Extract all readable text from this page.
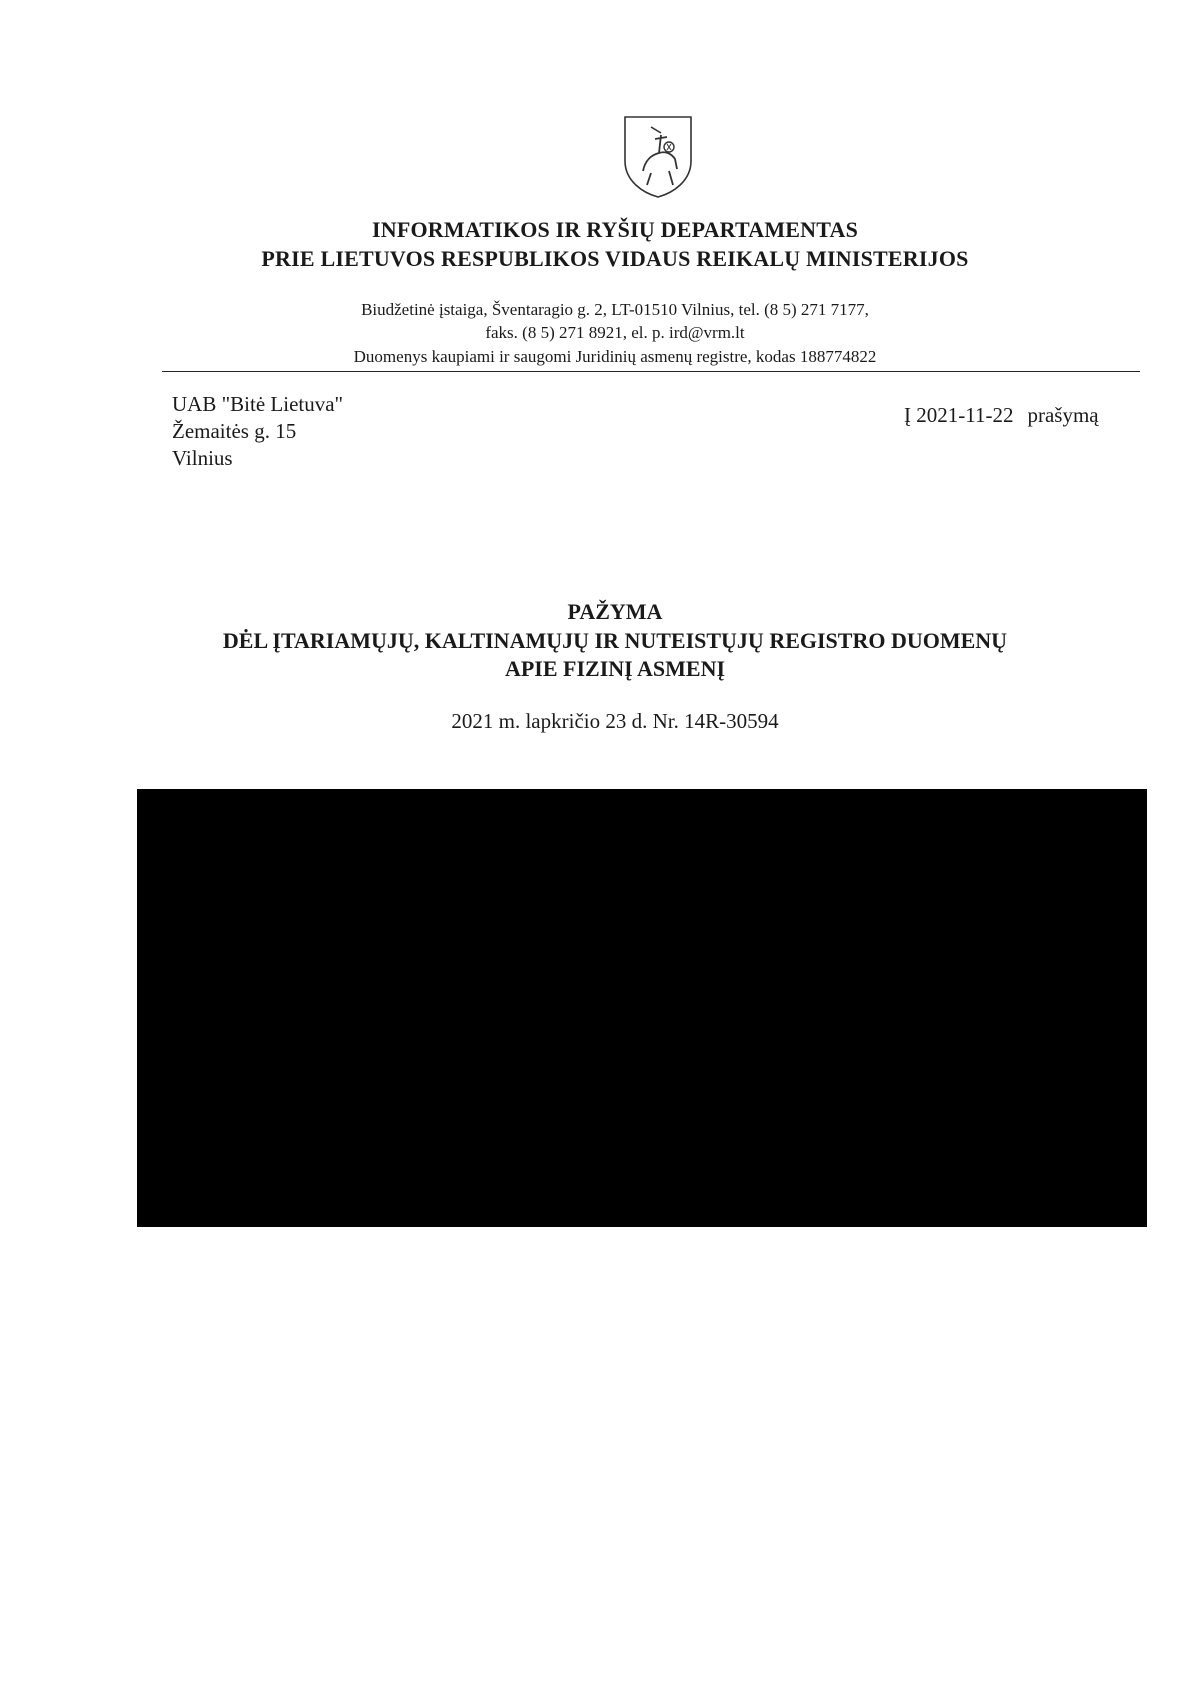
INFORMATIKOS IR RYŠIŲ DEPARTAMENTAS
PRIE LIETUVOS RESPUBLIKOS VIDAUS REIKALŲ MINISTERIJOS
Biudžetinė įstaiga, Šventaragio g. 2, LT-01510 Vilnius, tel. (8 5) 271 7177,
faks. (8 5) 271 8921, el. p. ird@vrm.lt
Duomenys kaupiami ir saugomi Juridinių asmenų registre, kodas 188774822
UAB "Bitė Lietuva"
Žemaitės g. 15
Vilnius
Į 2021-11-22 prašymą
PAŽYMA
DĖL ĮTARIAMŲJŲ, KALTINAMŲJŲ IR NUTEISTŲJŲ REGISTRO DUOMENŲ
APIE FIZINĮ ASMENĮ
2021 m. lapkričio 23 d. Nr. 14R-30594
